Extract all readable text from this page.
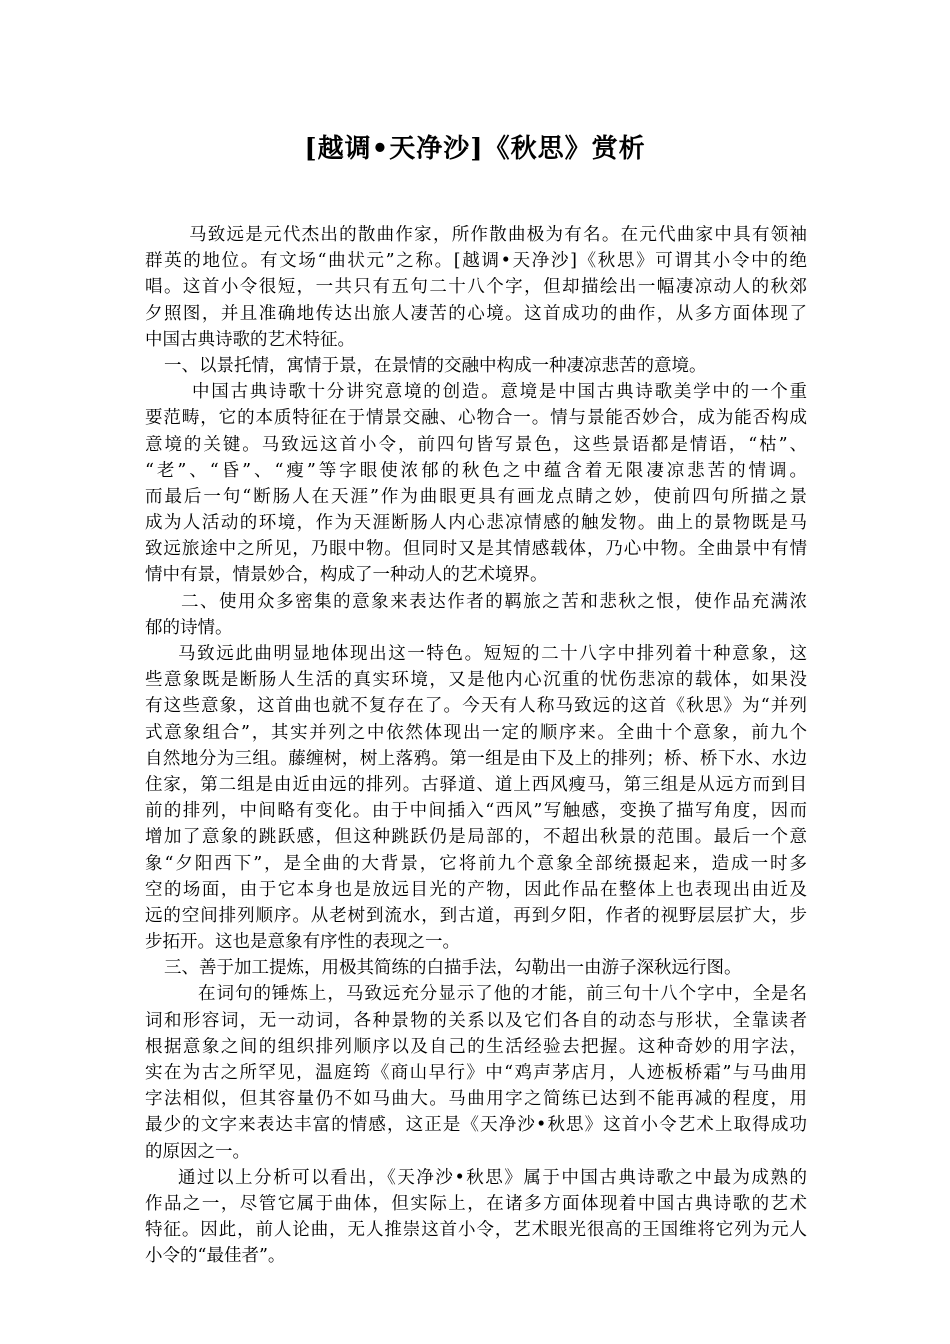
[越调•天净沙]《秋思》赏析
马致远是元代杰出的散曲作家，所作散曲极为有名。在元代曲家中具有领袖
群英的地位。有文场“曲状元”之称。[越调•天净沙]《秋思》可谓其小令中的绝
唱。这首小令很短，一共只有五句二十八个字，但却描绘出一幅凄凉动人的秋郊
夕照图，并且准确地传达出旅人凄苦的心境。这首成功的曲作，从多方面体现了
中国古典诗歌的艺术特征。
一、以景托情，寓情于景，在景情的交融中构成一种凄凉悲苦的意境。
中国古典诗歌十分讲究意境的创造。意境是中国古典诗歌美学中的一个重
要范畴，它的本质特征在于情景交融、心物合一。情与景能否妙合，成为能否构成
意境的关键。马致远这首小令，前四句皆写景色，这些景语都是情语，“枯”、
“老”、“昏”、“瘦”等字眼使浓郁的秋色之中蕴含着无限凄凉悲苦的情调。
而最后一句“断肠人在天涯”作为曲眼更具有画龙点睛之妙，使前四句所描之景
成为人活动的环境，作为天涯断肠人内心悲凉情感的触发物。曲上的景物既是马
致远旅途中之所见，乃眼中物。但同时又是其情感载体，乃心中物。全曲景中有情
情中有景，情景妙合，构成了一种动人的艺术境界。
二、使用众多密集的意象来表达作者的羁旅之苦和悲秋之恨，使作品充满浓
郁的诗情。
马致远此曲明显地体现出这一特色。短短的二十八字中排列着十种意象，这
些意象既是断肠人生活的真实环境，又是他内心沉重的忧伤悲凉的载体，如果没
有这些意象，这首曲也就不复存在了。今天有人称马致远的这首《秋思》为“并列
式意象组合”，其实并列之中依然体现出一定的顺序来。全曲十个意象，前九个
自然地分为三组。藤缠树，树上落鸦。第一组是由下及上的排列；桥、桥下水、水边
住家，第二组是由近由远的排列。古驿道、道上西风瘦马，第三组是从远方而到目
前的排列，中间略有变化。由于中间插入“西风”写触感，变换了描写角度，因而
增加了意象的跳跃感，但这种跳跃仍是局部的，不超出秋景的范围。最后一个意
象“夕阳西下”，是全曲的大背景，它将前九个意象全部统摄起来，造成一时多
空的场面，由于它本身也是放远目光的产物，因此作品在整体上也表现出由近及
远的空间排列顺序。从老树到流水，到古道，再到夕阳，作者的视野层层扩大，步
步拓开。这也是意象有序性的表现之一。
三、善于加工提炼，用极其简练的白描手法，勾勒出一由游子深秋远行图。
在词句的锤炼上，马致远充分显示了他的才能，前三句十八个字中，全是名
词和形容词，无一动词，各种景物的关系以及它们各自的动态与形状，全靠读者
根据意象之间的组织排列顺序以及自己的生活经验去把握。这种奇妙的用字法，
实在为古之所罕见，温庭筠《商山早行》中“鸡声茅店月，人迹板桥霜”与马曲用
字法相似，但其容量仍不如马曲大。马曲用字之简练已达到不能再减的程度，用
最少的文字来表达丰富的情感，这正是《天净沙•秋思》这首小令艺术上取得成功
的原因之一。
通过以上分析可以看出，《天净沙•秋思》属于中国古典诗歌之中最为成熟的
作品之一，尽管它属于曲体，但实际上，在诸多方面体现着中国古典诗歌的艺术
特征。因此，前人论曲，无人推崇这首小令，艺术眼光很高的王国维将它列为元人
小令的“最佳者”。
